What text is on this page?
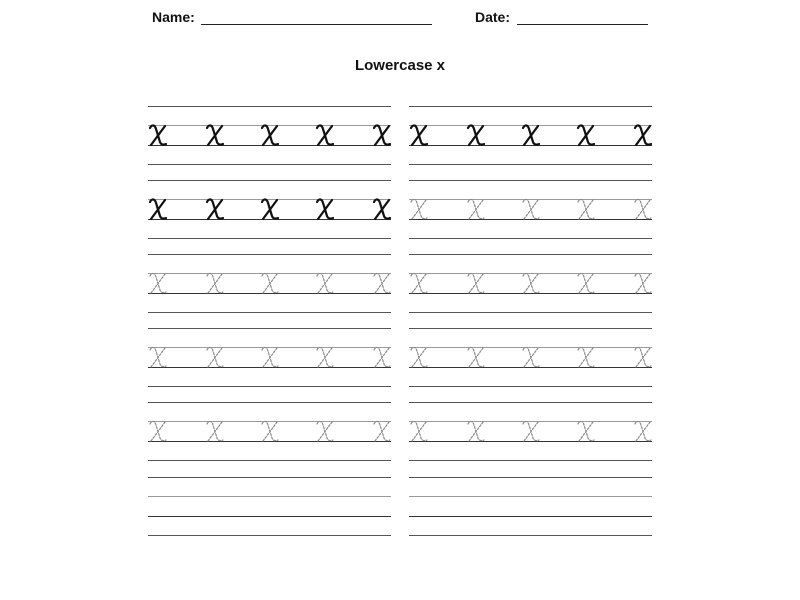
Name:	Date:
Lowercase x
